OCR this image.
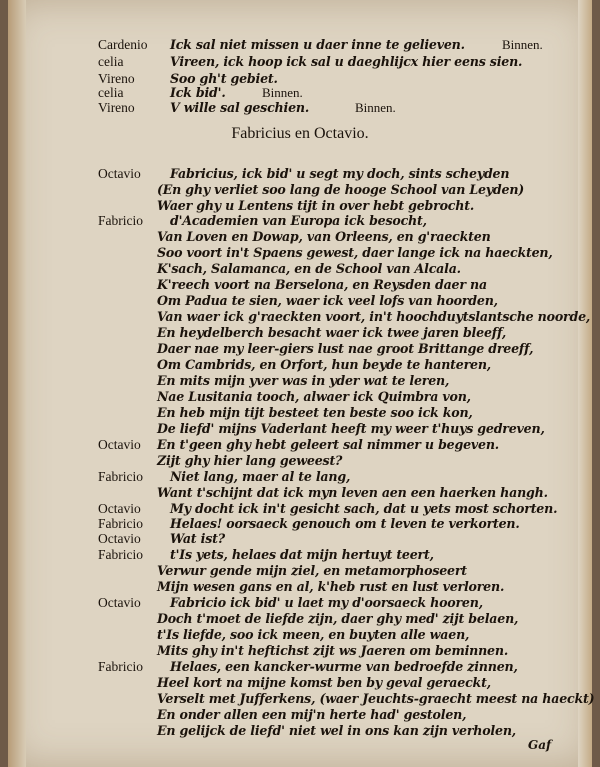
Cardenio Ick sal niet missen u daer inne te gelieven.	Binnen.
celia	Vireen, ick hoop ick sal u daeghlijcx hier eens sien.
Vireno	Soo gh't gebiet.
celia	Ick bid'.	Binnen.
Vireno	V wille sal geschien.	Binnen.
Fabricius en Octavio.
Octavio Fabricius, ick bid' u segt my doch, sints scheyden
(En ghy verliet soo lang de hooge School van Leyden)
Waer ghy u Lentens tijt in over hebt gebrocht.
Fabricio d'Academien van Europa ick besocht,
Van Loven en Dowap, van Orleens, en g'raeckten
Soo voort in't Spaens gewest, daer lange ick na haeckten,
K'sach, Salamanca, en de School van Alcala.
K'reech voort na Berselona, en Reysden daer na
Om Padua te sien, waer ick veel lofs van hoorden,
Van waer ick g'raeckten voort, in't hoochduytslantsche noorde,
En heydelberch besacht waer ick twee jaren bleeff,
Daer nae my leer-giers lust nae groot Brittange dreeff,
Om Cambrids, en Orfort, hun beyde te hanteren,
En mits mijn yver was in yder wat te leren,
Nae Lusitania tooch, alwaer ick Quimbra von,
En heb mijn tijt besteet ten beste soo ick kon,
De liefd' mijns Vaderlant heeft my weer t'huys gedreven,
Octavio En t'geen ghy hebt geleert sal nimmer u begeven.
Zijt ghy hier lang geweest?
Fabricio Niet lang, maer al te lang,
Want t'schijnt dat ick myn leven aen een haerken hangh.
Octavio My docht ick in't gesicht sach, dat u yets most schorten.
Fabricio Helaes! oorsaeck genouch om t leven te verkorten.
Octavio Wat ist?
Fabricio t'Is yets, helaes dat mijn hertuyt teert,
Verwur gende mijn ziel, en metamorphoseert
Mijn wesen gans en al, k'heb rust en lust verloren.
Octavio Fabricio ick bid' u laet my d'oorsaeck hooren,
Doch t'moet de liefde zijn, daer ghy med' zijt belaen,
t'Is liefde, soo ick meen, en buyten alle waen,
Mits ghy in't heftichst zijt ws Jaeren om beminnen.
Fabricio Helaes, een kancker-wurme van bedroefde zinnen,
Heel kort na mijne komst ben by geval geraeckt,
Verselt met Jufferkens, (waer Jeuchts-graecht meest na haeckt)
En onder allen een mij'n herte had' gestolen,
En gelijck de liefd' niet wel in ons kan zijn verholen,
Gaf
